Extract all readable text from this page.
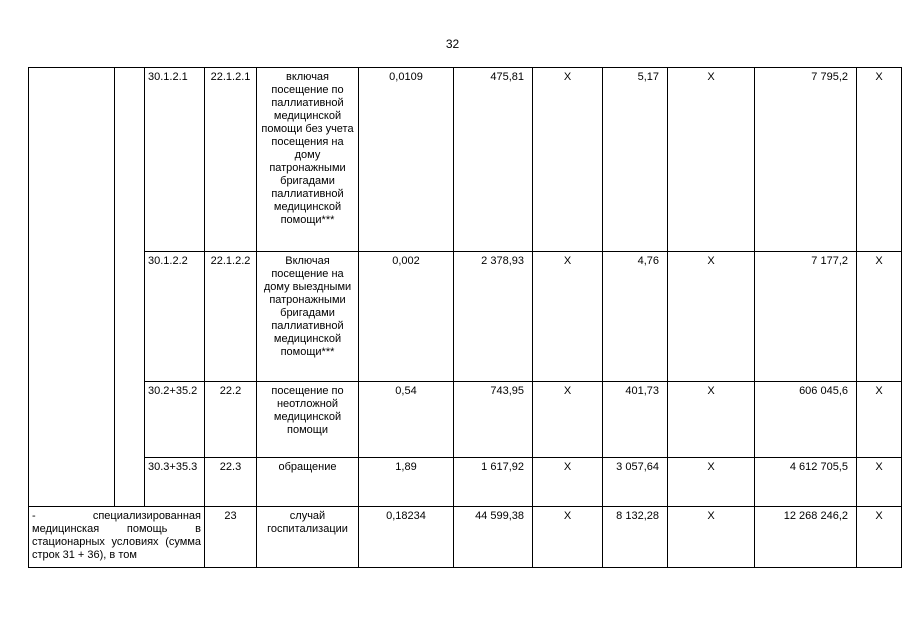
32
		30.1.2.1	22.1.2.1	включая посещение по паллиативной медицинской помощи без учета посещения на дому патронажными бригадами паллиативной медицинской помощи***	0,0109	475,81	X	5,17	X	7 795,2	X
		30.1.2.2	22.1.2.2	Включая посещение на дому выездными патронажными бригадами паллиативной медицинской помощи***	0,002	2 378,93	X	4,76	X	7 177,2	X
		30.2+35.2	22.2	посещение по неотложной медицинской помощи	0,54	743,95	X	401,73	X	606 045,6	X
		30.3+35.3	22.3	обращение	1,89	1 617,92	X	3 057,64	X	4 612 705,5	X
- специализированная медицинская помощь в стационарных условиях (сумма строк 31 + 36), в том			23	случай госпитализации	0,18234	44 599,38	X	8 132,28	X	12 268 246,2	X
